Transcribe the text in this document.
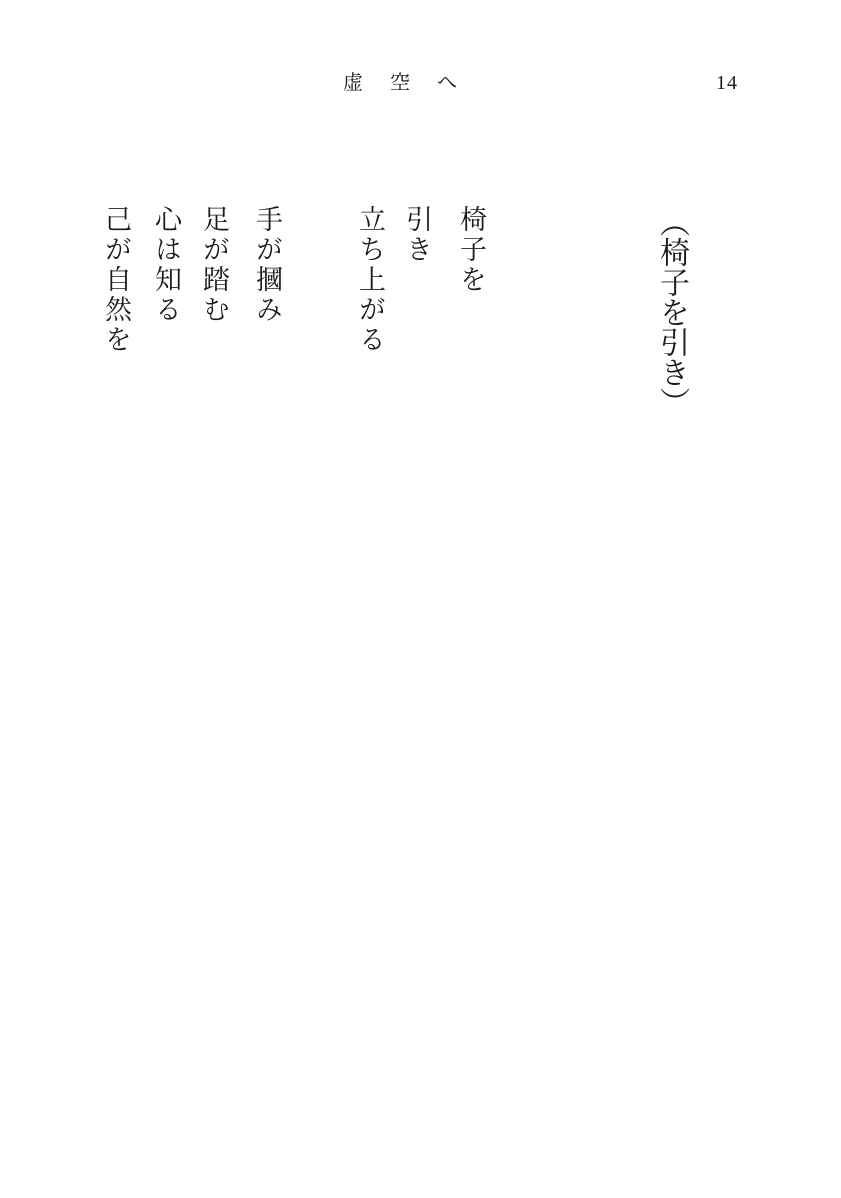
虚 空 へ	14
（椅子を引き）
椅子を
引き
立ち上がる
手が摑み
足が踏む
心は知る
己が自然を
